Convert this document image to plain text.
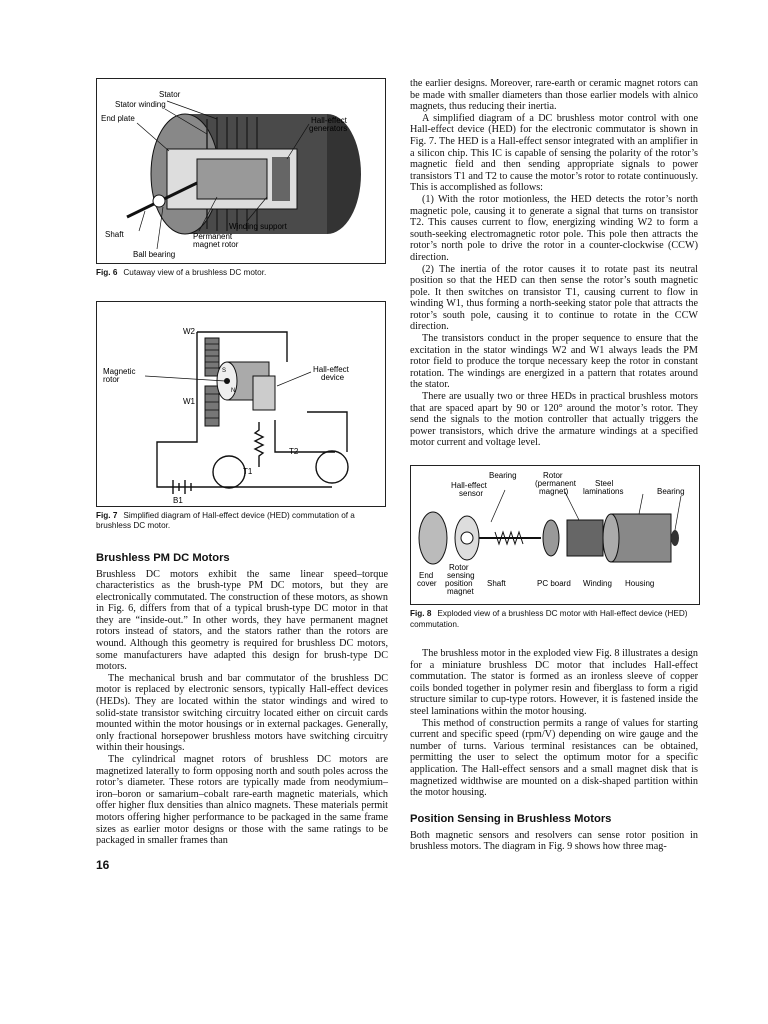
Stator
Stator winding
End plate	Hall-effect
generators
Winding support
Shaft	Permanent
magnet rotor
Ball bearing

Fig. 6 Cutaway view of a brushless DC motor.

W2
W1
Magnetic
rotor
Hall-effect
device
T1
T2
B1
S
N

Fig. 7 Simplified diagram of Hall-effect device (HED) commutation of a brushless DC motor.

Brushless PM DC Motors

Brushless DC motors exhibit the same linear speed–torque characteristics as the brush-type PM DC motors, but they are electronically commutated. The construction of these motors, as shown in Fig. 6, differs from that of a typical brush-type DC motor in that they are “inside-out.” In other words, they have permanent magnet rotors instead of stators, and the stators rather than the rotors are wound. Although this geometry is required for brushless DC motors, some manufacturers have adapted this design for brush-type DC motors.

The mechanical brush and bar commutator of the brushless DC motor is replaced by electronic sensors, typically Hall-effect devices (HEDs). They are located within the stator windings and wired to solid-state transistor switching circuitry located either on circuit cards mounted within the motor housings or in external packages. Generally, only fractional horsepower brushless motors have switching circuitry within their housings.

The cylindrical magnet rotors of brushless DC motors are magnetized laterally to form opposing north and south poles across the rotor’s diameter. These rotors are typically made from neodymium–iron–boron or samarium–cobalt rare-earth magnetic materials, which offer higher flux densities than alnico magnets. These materials permit motors offering higher performance to be packaged in the same frame sizes as earlier motor designs or those with the same ratings to be packaged in smaller frames than

the earlier designs. Moreover, rare-earth or ceramic magnet rotors can be made with smaller diameters than those earlier models with alnico magnets, thus reducing their inertia.

A simplified diagram of a DC brushless motor control with one Hall-effect device (HED) for the electronic commutator is shown in Fig. 7. The HED is a Hall-effect sensor integrated with an amplifier in a silicon chip. This IC is capable of sensing the polarity of the rotor’s magnetic field and then sending appropriate signals to power transistors T1 and T2 to cause the motor’s rotor to rotate continuously. This is accomplished as follows:

(1) With the rotor motionless, the HED detects the rotor’s north magnetic pole, causing it to generate a signal that turns on transistor T2. This causes current to flow, energizing winding W2 to form a south-seeking electromagnetic rotor pole. This pole then attracts the rotor’s north pole to drive the rotor in a counter-clockwise (CCW) direction.

(2) The inertia of the rotor causes it to rotate past its neutral position so that the HED can then sense the rotor’s south magnetic pole. It then switches on transistor T1, causing current to flow in winding W1, thus forming a north-seeking stator pole that attracts the rotor’s south pole, causing it to continue to rotate in the CCW direction.

The transistors conduct in the proper sequence to ensure that the excitation in the stator windings W2 and W1 always leads the PM rotor field to produce the torque necessary keep the rotor in constant rotation. The windings are energized in a pattern that rotates around the stator.

There are usually two or three HEDs in practical brushless motors that are spaced apart by 90 or 120° around the motor’s rotor. They send the signals to the motion controller that actually triggers the power transistors, which drive the armature windings at a specified motor current and voltage level.

Bearing
Hall-effect
sensor
Rotor
(permanent
magnet)
Steel
laminations	Bearing
Rotor
sensing
position
magnet
End
cover	Shaft	PC board Winding Housing

Fig. 8 Exploded view of a brushless DC motor with Hall-effect device (HED) commutation.

The brushless motor in the exploded view Fig. 8 illustrates a design for a miniature brushless DC motor that includes Hall-effect commutation. The stator is formed as an ironless sleeve of copper coils bonded together in polymer resin and fiberglass to form a rigid structure similar to cup-type rotors. However, it is fastened inside the steel laminations within the motor housing.

This method of construction permits a range of values for starting current and specific speed (rpm/V) depending on wire gauge and the number of turns. Various terminal resistances can be obtained, permitting the user to select the optimum motor for a specific application. The Hall-effect sensors and a small magnet disk that is magnetized widthwise are mounted on a disk-shaped partition within the motor housing.

Position Sensing in Brushless Motors

Both magnetic sensors and resolvers can sense rotor position in brushless motors. The diagram in Fig. 9 shows how three mag-

16
